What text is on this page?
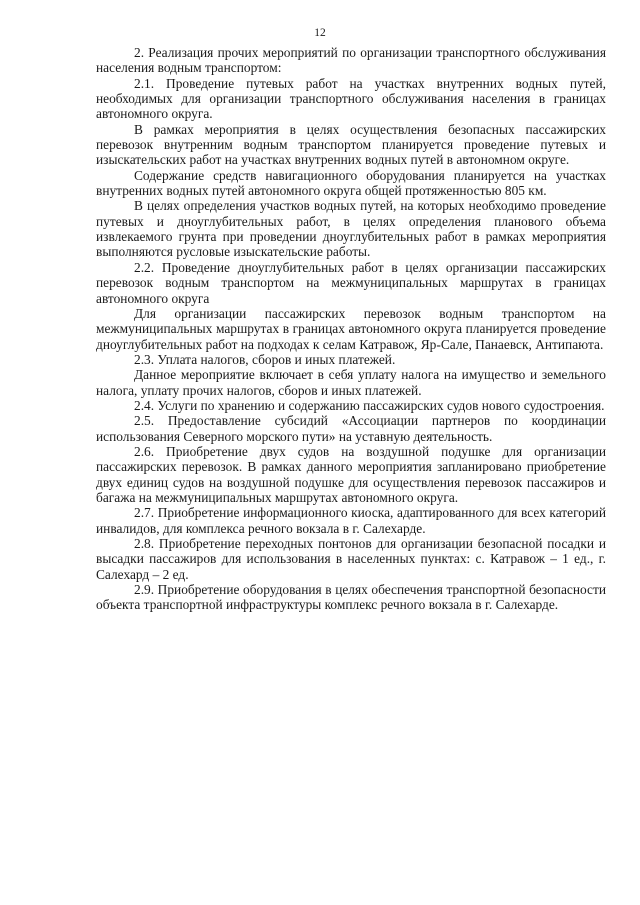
12

2. Реализация прочих мероприятий по организации транспортного обслуживания населения водным транспортом:

2.1. Проведение путевых работ на участках внутренних водных путей, необходимых для организации транспортного обслуживания населения в границах автономного округа.

В рамках мероприятия в целях осуществления безопасных пассажирских перевозок внутренним водным транспортом планируется проведение путевых и изыскательских работ на участках внутренних водных путей в автономном округе.

Содержание средств навигационного оборудования планируется на участках внутренних водных путей автономного округа общей протяженностью 805 км.

В целях определения участков водных путей, на которых необходимо проведение путевых и дноуглубительных работ, в целях определения планового объема извлекаемого грунта при проведении дноуглубительных работ в рамках мероприятия выполняются русловые изыскательские работы.

2.2. Проведение дноуглубительных работ в целях организации пассажирских перевозок водным транспортом на межмуниципальных маршрутах в границах автономного округа

Для организации пассажирских перевозок водным транспортом на межмуниципальных маршрутах в границах автономного округа планируется проведение дноуглубительных работ на подходах к селам Катравож, Яр-Сале, Панаевск, Антипаюта.

2.3. Уплата налогов, сборов и иных платежей.

Данное мероприятие включает в себя уплату налога на имущество и земельного налога, уплату прочих налогов, сборов и иных платежей.

2.4. Услуги по хранению и содержанию пассажирских судов нового судостроения.

2.5. Предоставление субсидий «Ассоциации партнеров по координации использования Северного морского пути» на уставную деятельность.

2.6. Приобретение двух судов на воздушной подушке для организации пассажирских перевозок. В рамках данного мероприятия запланировано приобретение двух единиц судов на воздушной подушке для осуществления перевозок пассажиров и багажа на межмуниципальных маршрутах автономного округа.

2.7. Приобретение информационного киоска, адаптированного для всех категорий инвалидов, для комплекса речного вокзала в г. Салехарде.

2.8. Приобретение переходных понтонов для организации безопасной посадки и высадки пассажиров для использования в населенных пунктах: с. Катравож – 1 ед., г. Салехард – 2 ед.

2.9. Приобретение оборудования в целях обеспечения транспортной безопасности объекта транспортной инфраструктуры комплекс речного вокзала в г. Салехарде.
